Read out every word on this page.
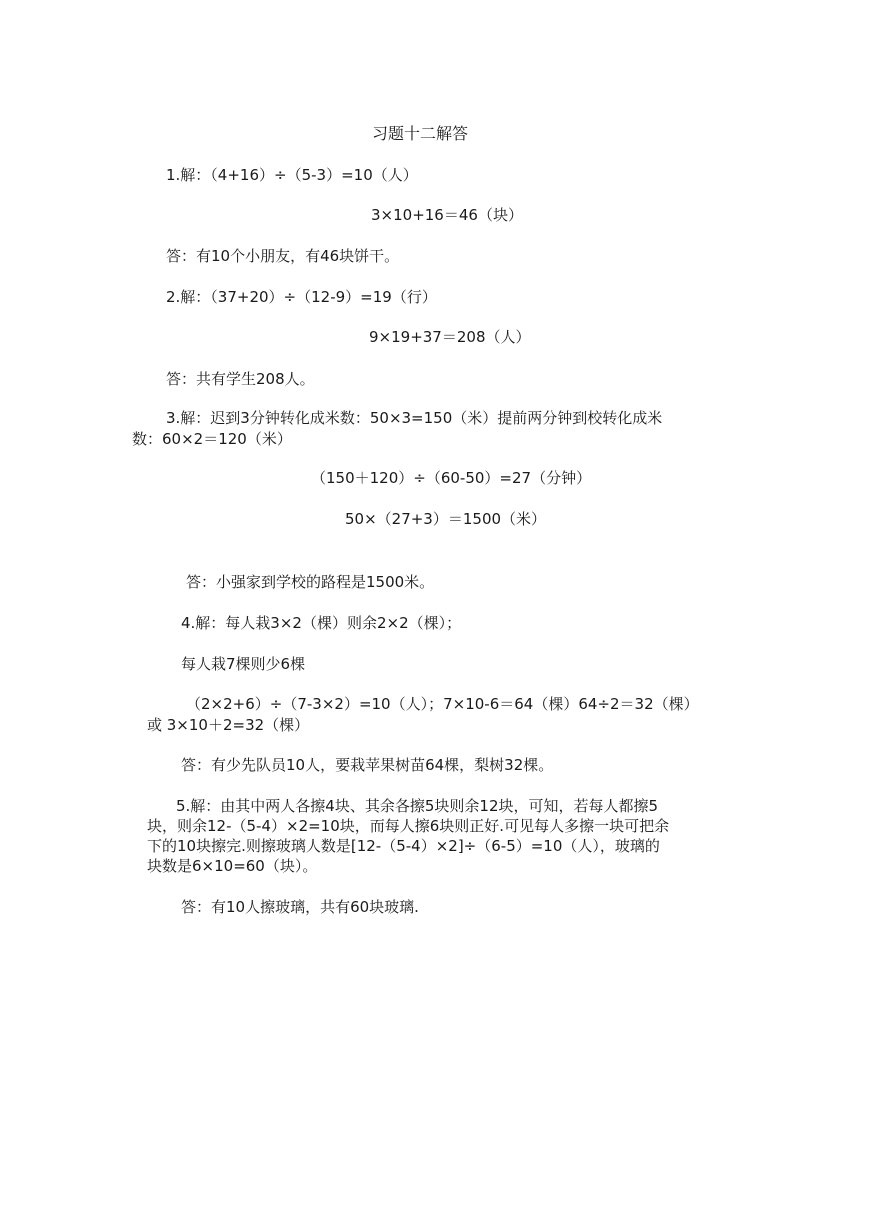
习题十二解答
1.解：（4+16）÷（5-3）=10（人）
3×10+16＝46（块）
答：有10个小朋友，有46块饼干。
2.解：（37+20）÷（12-9）=19（行）
9×19+37＝208（人）
答：共有学生208人。
3.解：迟到3分钟转化成米数：50×3=150（米）提前两分钟到校转化成米
数：60×2＝120（米）
（150＋120）÷（60-50）=27（分钟）
50×（27+3）＝1500（米）
答：小强家到学校的路程是1500米。
4.解：每人栽3×2（棵）则余2×2（棵）；
每人栽7棵则少6棵
（2×2+6）÷（7-3×2）=10（人）；7×10-6＝64（棵）64÷2＝32（棵）
或 3×10＋2=32（棵）
答：有少先队员10人，要栽苹果树苗64棵，梨树32棵。
5.解：由其中两人各擦4块、其余各擦5块则余12块，可知，若每人都擦5
块，则余12-（5-4）×2=10块，而每人擦6块则正好.可见每人多擦一块可把余
下的10块擦完.则擦玻璃人数是[12-（5-4）×2]÷（6-5）=10（人），玻璃的
块数是6×10=60（块）。
答：有10人擦玻璃，共有60块玻璃.
